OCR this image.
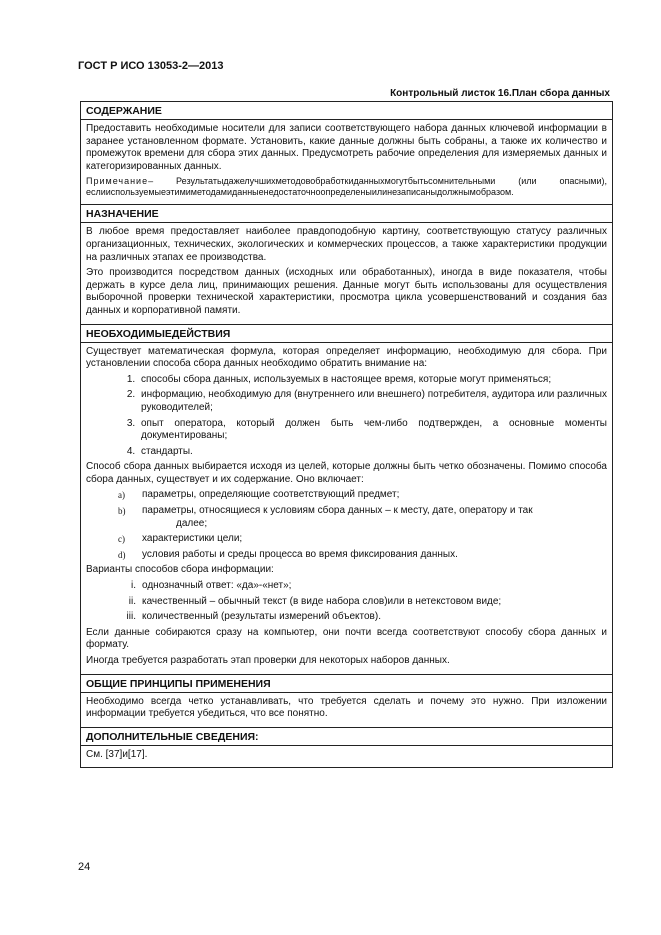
ГОСТ Р ИСО 13053-2—2013
Контрольный листок 16.План сбора данных
СОДЕРЖАНИЕ

Предоставить необходимые носители для записи соответствующего набора данных ключевой информации в заранее установленном формате. Установить, какие данные должны быть собраны, а также их количество и промежуток времени для сбора этих данных. Предусмотреть рабочие определения для измеряемых данных и категоризированных данных.

Примечание– Результатыдажелучшихметодовобработкиданныхмогутбытьсомнительными (или опасными), еслииспользуемыеэтимиметодамиданныенедостаточноопределеныилинезаписаныдолжнымобразом.

НАЗНАЧЕНИЕ

В любое время предоставляет наиболее правдоподобную картину, соответствующую статусу различных организационных, технических, экологических и коммерческих процессов, а также характеристики продукции на различных этапах ее производства.

Это производится посредством данных (исходных или обработанных), иногда в виде показателя, чтобы держать в курсе дела лиц, принимающих решения. Данные могут быть использованы для осуществления выборочной проверки технической характеристики, просмотра цикла усовершенствований и создания баз данных и корпоративной памяти.

НЕОБХОДИМЫЕДЕЙСТВИЯ

Существует математическая формула, которая определяет информацию, необходимую для сбора. При установлении способа сбора данных необходимо обратить внимание на:

1. способы сбора данных, используемых в настоящее время, которые могут применяться;
2. информацию, необходимую для (внутреннего или внешнего) потребителя, аудитора или различных руководителей;
3. опыт оператора, который должен быть чем-либо подтвержден, а основные моменты документированы;
4. стандарты.

Способ сбора данных выбирается исходя из целей, которые должны быть четко обозначены. Помимо способа сбора данных, существует и их содержание. Оно включает:

a) параметры, определяющие соответствующий предмет;
b) параметры, относящиеся к условиям сбора данных – к месту, дате, оператору и так
далее;
c) характеристики цели;
d) условия работы и среды процесса во время фиксирования данных.

Варианты способов сбора информации:

i. однозначный ответ: «да»-«нет»;
ii. качественный – обычный текст (в виде набора слов)или в нетекстовом виде;
iii. количественный (результаты измерений объектов).

Если данные собираются сразу на компьютер, они почти всегда соответствуют способу сбора данных и формату.

Иногда требуется разработать этап проверки для некоторых наборов данных.

ОБЩИЕ ПРИНЦИПЫ ПРИМЕНЕНИЯ

Необходимо всегда четко устанавливать, что требуется сделать и почему это нужно. При изложении информации требуется убедиться, что все понятно.

ДОПОЛНИТЕЛЬНЫЕ СВЕДЕНИЯ:

См. [37]и[17].

24
